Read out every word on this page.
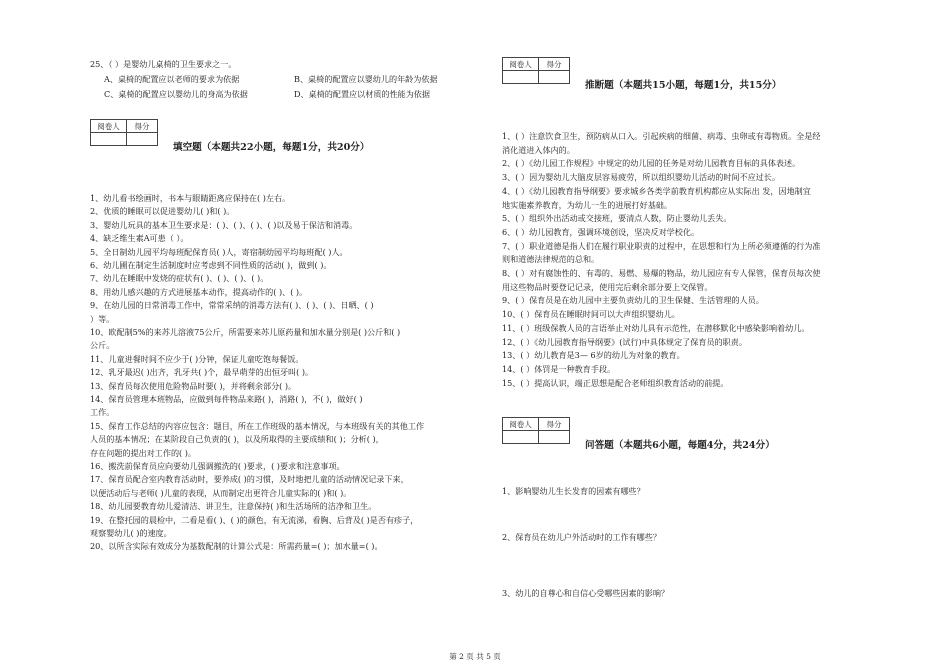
25、（ ）是婴幼儿桌椅的卫生要求之一。
A、桌椅的配置应以老师的要求为依据	B、桌椅的配置应以婴幼儿的年龄为依据
C、桌椅的配置应以婴幼儿的身高为依据	D、桌椅的配置应以材质的性能为依据
阅卷人	得分

填空题（本题共22小题，每题1分，共20分）
1、幼儿看书绘画时，书本与眼睛距离应保持在( )左右。
2、优质的睡眠可以促进婴幼儿( )和( )。
3、婴幼儿玩具的基本卫生要求是：( )、( )、( )、( )以及易于保洁和消毒。
4、缺乏维生素A可患（ ）。
5、全日制幼儿园平均每班配保育员( )人，寄宿制幼园平均每班配( )人。
6、幼儿圃在制定生活制度时应考虑到不同性质的活动( )，做到( )。
7、幼儿在睡眠中发烧的症状有( )、( )、( )、( )。
8、用幼儿感兴趣的方式进展基本动作，提高动作的( )、( )。
9、在幼儿园的日常消毒工作中，常常采纳的消毒方法有( )、( )、( )、日晒、( )
）等。
10、欧配制5%的来苏儿溶液75公斤，所需要来苏儿原药量和加水量分别是( )公斤和( )
公斤。
11、儿童进餐时间不应少于( )分钟，保证儿童吃饱每餐饭。
12、乳牙最迟( )出齐，乳牙共( )个，最早萌芽的出恒牙叫( )。
13、保育员每次使用危险物品时要( )，并将剩余部分( )。
14、保育员管理本班物品，应做到每件物品来路( )，消路( )，不( )，做好( )
工作。
15、保育工作总结的内容应包含：题目，所在工作班级的基本情况，与本班级有关的其他工作
人员的基本情况；在某阶段自己负责的( )，以及所取得的主要成绩和( )；分析( )，
存在问题的提出对工作的( )。
16、搬洗前保育员应向要幼儿强调搬洗的( )要求，( )要求和注意事项。
17、保育员配合室内教育活动时，要养成( )的习惯，及时地把儿童的活动情况记录下来，
以便活动后与老师( )儿童的表现，从而制定出更符合儿童实际的( )和( )。
18、幼儿园要教育幼儿爱清洁、讲卫生，注意保持( )和生活场所的洁净和卫生。
19、在整托园的晨检中，二看是看( )、( )的颜色，有无流涕，看胸、后背及( )是否有疹子，
观察婴幼儿( )的速度。
20、以所含实际有效成分为基数配制的计算公式是：所需药量=( )；加水量=( )。
阅卷人	得分

推断题（本题共15小题，每题1分，共15分）
1、( ）注意饮食卫生，预防病从口入。引起疾病的细菌、病毒、虫卵或有毒物质。全是经
消化道进入体内的。
2、( ）《幼儿园工作规程》中规定的幼儿园的任务是对幼儿园教育目标的具体表述。
3、( ）因为婴幼儿大脑皮层容易疲劳，所以组织婴幼儿活动的时间不应过长。
4、( ）《幼儿园教育指导纲要》要求城乡各类学前教育机构都应从实际出 发，因地制宜
地实施素养教育，为幼儿一生的进展打好基础。
5、( ）组织外出活动或交接班，要清点人数，防止婴幼儿丢失。
6、( ）幼儿园教育，强调环境创设，坚决反对学校化。
7、( ）职业道德是指人们在履行职业职责的过程中，在思想和行为上所必须遵循的行为准
则和道德法律规范的总和。
8、( ）对有腐蚀性的、有毒的、易燃、易爆的物品，幼儿园应有专人保管，保育员每次使
用这些物品时要登记记录，使用完后剩余部分要上交保管。
9、( ）保育员是在幼儿园中主要负责幼儿的卫生保健、生活管理的人员。
10、( ）保育员在睡眠时间可以大声组织婴幼儿。
11、( ）班级保教人员的言语举止对幼儿具有示范性，在潜移默化中感染影响着幼儿。
12、( ）《幼儿园教育指导纲要》(试行)中具体规定了保育员的职责。
13、( ）幼儿教育是3— 6岁的幼儿为对象的教育。
14、( ）体罚是一种教育手段。
15、( ）提高认识，端正思想是配合老师组织教育活动的前提。
阅卷人	得分

问答题（本题共6小题，每题4分，共24分）
1、影响婴幼儿生长发育的因素有哪些？
2、保育员在幼儿户外活动时的工作有哪些？
3、幼儿的自尊心和自信心受哪些因素的影响？
第 2 页 共 5 页
